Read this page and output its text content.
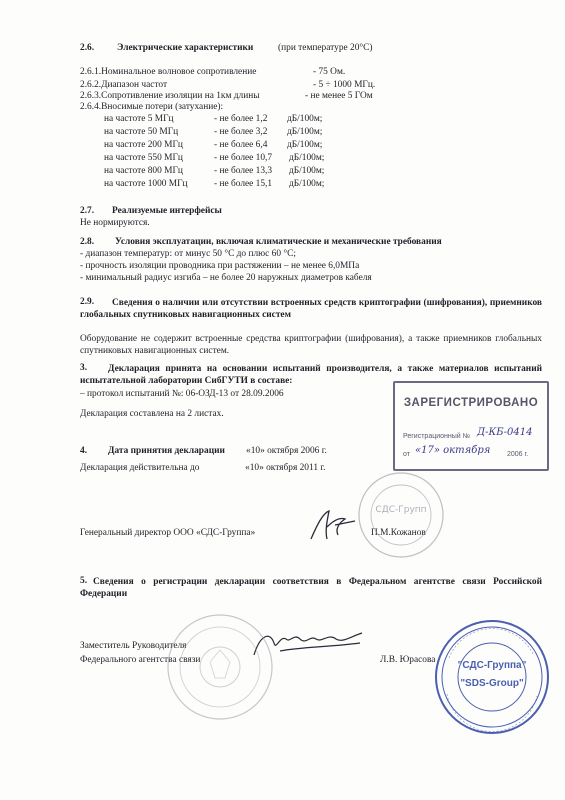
2.6. Электрические характеристики	(при температуре 20°С)
2.6.1.Номинальное волновое сопротивление	- 75 Ом.
2.6.2.Диапазон частот	- 5 ÷ 1000 МГц.
2.6.3.Сопротивление изоляции на 1км длины	- не менее 5 ГОм
2.6.4.Вносимые потери (затухание):
на частоте 5 МГц	- не более 1,2 дБ/100м;
на частоте 50 МГц	- не более 3,2 дБ/100м;
на частоте 200 МГц	- не более 6,4 дБ/100м;
на частоте 550 МГц	- не более 10,7 дБ/100м;
на частоте 800 МГц	- не более 13,3 дБ/100м;
на частоте 1000 МГц	- не более 15,1 дБ/100м;
2.7. Реализуемые интерфейсы
Не нормируются.
2.8. Условия эксплуатации, включая климатические и механические требования
- диапазон температур: от минус 50 °С до плюс 60 °С;
- прочность изоляции проводника при растяжении – не менее 6,0МПа
- минимальный радиус изгиба – не более 20 наружных диаметров кабеля
2.9.	Сведения о наличии или отсутствии встроенных средств криптографии (шифрования), приемников глобальных спутниковых навигационных систем
Оборудование не содержит встроенные средства криптографии (шифрования), а также приемников глобальных спутниковых навигационных систем.
3.	Декларация принята на основании испытаний производителя, а также материалов испытаний испытательной лаборатории СибГУТИ в составе:
– протокол испытаний №: 06-ОЗД-13 от 28.09.2006
Декларация составлена на 2 листах.
4. Дата принятия декларации «10» октября 2006 г.
Декларация действительна до	«10» октября 2011 г.
Генеральный директор ООО «СДС-Группа»	П.М.Кожанов
5. Сведения о регистрации декларации соответствия в Федеральном агентстве связи Российской Федерации
Заместитель Руководителя
Федерального агентства связи	Л.В. Юрасова
СДС-Групп
ЗАРЕГИСТРИРОВАНО
Регистрационный № Д-КБ-0414
от «17» октября 2006 г.
"СДС-Группа"
"SDS-Group"
